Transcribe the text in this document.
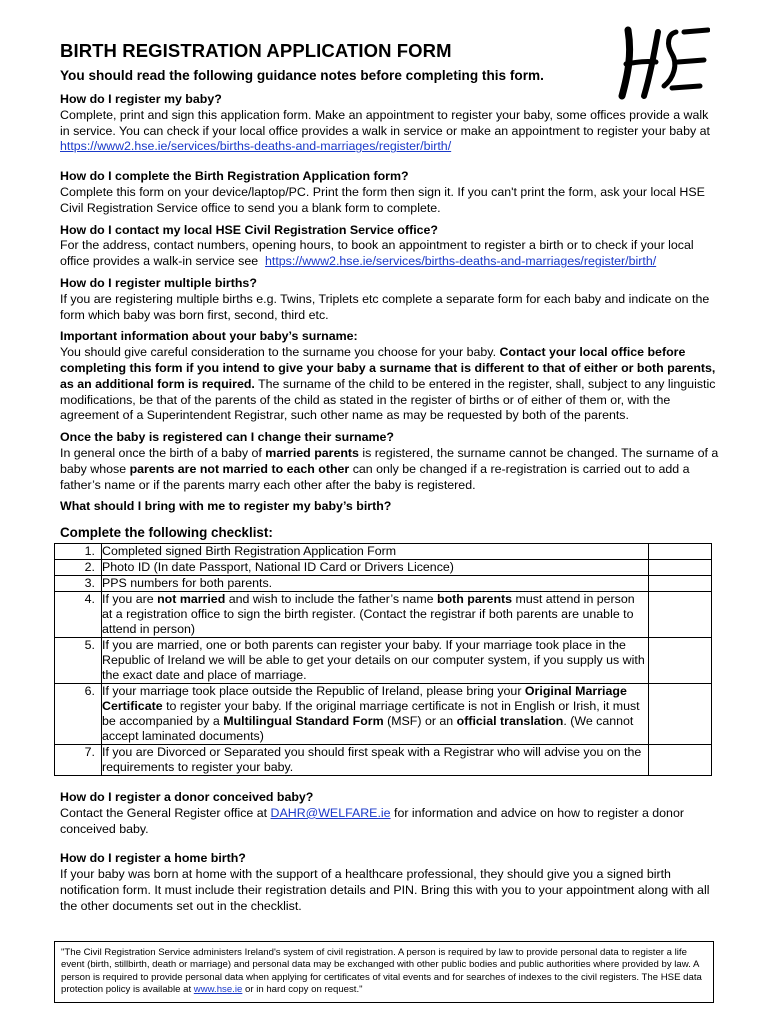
BIRTH REGISTRATION APPLICATION FORM
You should read the following guidance notes before completing this form.

How do I register my baby?

Complete, print and sign this application form. Make an appointment to register your baby, some offices provide a walk in service. You can check if your local office provides a walk in service or make an appointment to register your baby at  https://www2.hse.ie/services/births-deaths-and-marriages/register/birth/

How do I complete the Birth Registration Application form?

Complete this form on your device/laptop/PC. Print the form then sign it. If you can't print the form, ask your local HSE Civil Registration Service office to send you a blank form to complete.

How do I contact my local HSE Civil Registration Service office?

For the address, contact numbers, opening hours, to book an appointment to register a birth or to check if your local office provides a walk-in service see https://www2.hse.ie/services/births-deaths-and-marriages/register/birth/

How do I register multiple births?

If you are registering multiple births e.g. Twins, Triplets etc complete a separate form for each baby and indicate on the form which baby was born first, second, third etc.

Important information about your baby’s surname:

You should give careful consideration to the surname you choose for your baby. Contact your local office before completing this form if you intend to give your baby a surname that is different to that of either or both parents, as an additional form is required. The surname of the child to be entered in the register, shall, subject to any linguistic modifications, be that of the parents of the child as stated in the register of births or of either of them or, with the agreement of a Superintendent Registrar, such other name as may be requested by both of the parents.

Once the baby is registered can I change their surname?

In general once the birth of a baby of married parents is registered, the surname cannot be changed. The surname of a baby whose parents are not married to each other can only be changed if a re-registration is carried out to add a father’s name or if the parents marry each other after the baby is registered.

What should I bring with me to register my baby’s birth?

Complete the following checklist:

1.	Completed signed Birth Registration Application Form	
2.	Photo ID (In date Passport, National ID Card or Drivers Licence)	
3.	PPS numbers for both parents.	
4.	If you are not married and wish to include the father’s name both parents must attend in person at a registration office to sign the birth register. (Contact the registrar if both parents are unable to attend in person)	
5.	If you are married, one or both parents can register your baby. If your marriage took place in the Republic of Ireland we will be able to get your details on our computer system, if you supply us with the exact date and place of marriage.	
6.	If your marriage took place outside the Republic of Ireland, please bring your Original Marriage Certificate to register your baby. If the original marriage certificate is not in English or Irish, it must be accompanied by a Multilingual Standard Form (MSF) or an official translation. (We cannot accept laminated documents)	
7.	If you are Divorced or Separated you should first speak with a Registrar who will advise you on the requirements to register your baby.	

How do I register a donor conceived baby?

Contact the General Register office at DAHR@WELFARE.ie for information and advice on how to register a donor conceived baby.

How do I register a home birth?

If your baby was born at home with the support of a healthcare professional, they should give you a signed birth notification form. It must include their registration details and PIN. Bring this with you to your appointment along with all the other documents set out in the checklist.

"The Civil Registration Service administers Ireland's system of civil registration. A person is required by law to provide personal data to register a life event (birth, stillbirth, death or marriage) and personal data may be exchanged with other public bodies and public authorities where provided by law. A person is required to provide personal data when applying for certificates of vital events and for searches of indexes to the civil registers. The HSE data protection policy is available at www.hse.ie or in hard copy on request."
